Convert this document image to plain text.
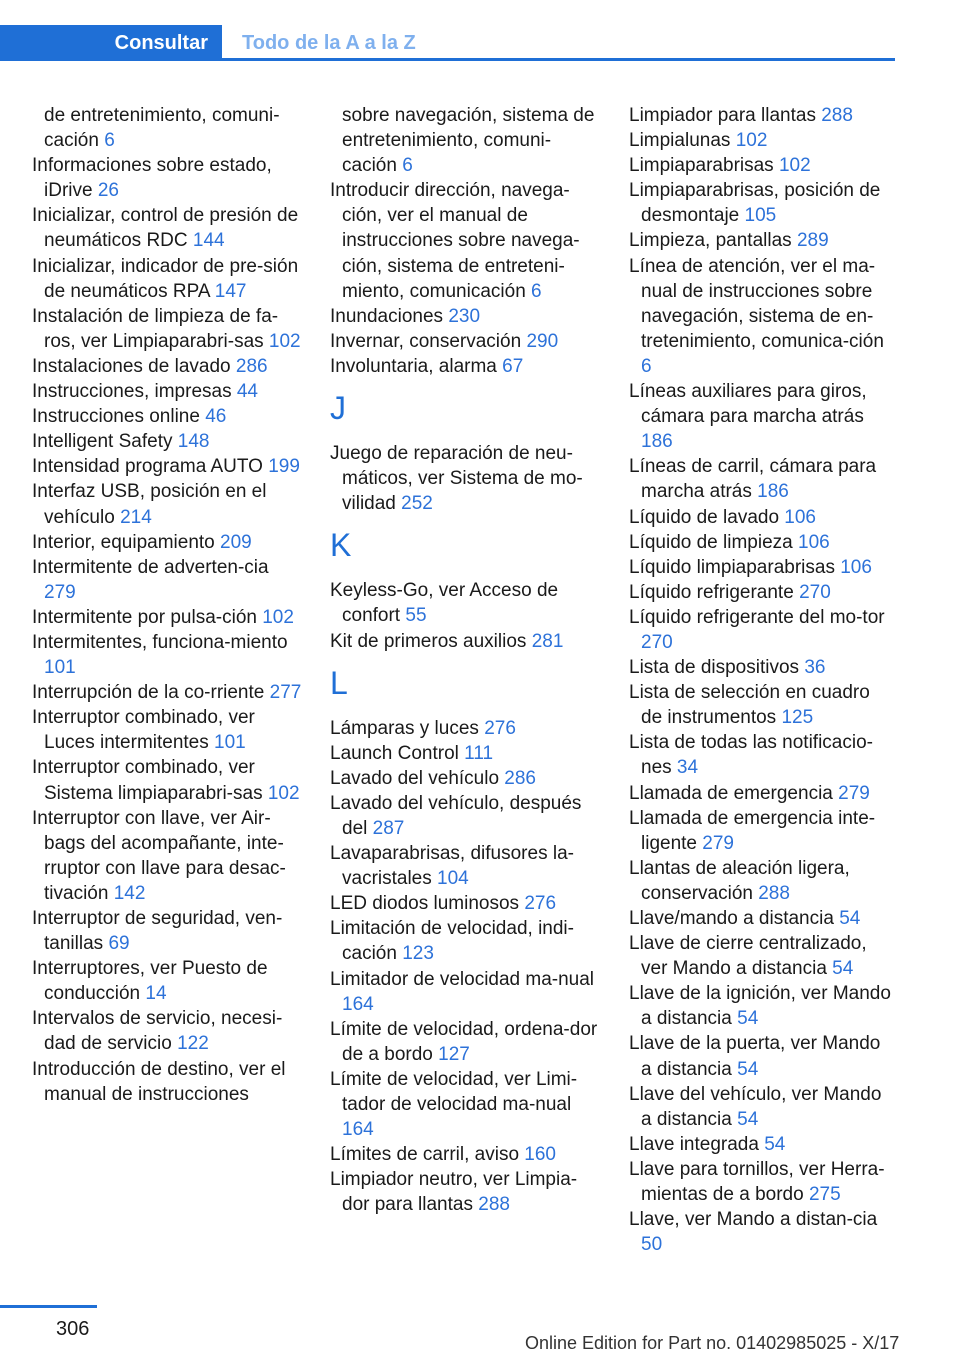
Consultar	Todo de la A a la Z
de entretenimiento, comuni-cación 6
Informaciones sobre estado, iDrive 26
Inicializar, control de presión de neumáticos RDC 144
Inicializar, indicador de pre-sión de neumáticos RPA 147
Instalación de limpieza de fa-ros, ver Limpiaparabri-sas 102
Instalaciones de lavado 286
Instrucciones, impresas 44
Instrucciones online 46
Intelligent Safety 148
Intensidad programa AUTO 199
Interfaz USB, posición en el vehículo 214
Interior, equipamiento 209
Intermitente de adverten-cia 279
Intermitente por pulsa-ción 102
Intermitentes, funciona-miento 101
Interrupción de la co-rriente 277
Interruptor combinado, ver Luces intermitentes 101
Interruptor combinado, ver Sistema limpiaparabri-sas 102
Interruptor con llave, ver Air-bags del acompañante, inte-rruptor con llave para desac-tivación 142
Interruptor de seguridad, ven-tanillas 69
Interruptores, ver Puesto de conducción 14
Intervalos de servicio, necesi-dad de servicio 122
Introducción de destino, ver el manual de instrucciones
sobre navegación, sistema de entretenimiento, comuni-cación 6
Introducir dirección, navega-ción, ver el manual de instrucciones sobre navega-ción, sistema de entreteni-miento, comunicación 6
Inundaciones 230
Invernar, conservación 290
Involuntaria, alarma 67
J
Juego de reparación de neu-máticos, ver Sistema de mo-vilidad 252
K
Keyless-Go, ver Acceso de confort 55
Kit de primeros auxilios 281
L
Lámparas y luces 276
Launch Control 111
Lavado del vehículo 286
Lavado del vehículo, después del 287
Lavaparabrisas, difusores la-vacristales 104
LED diodos luminosos 276
Limitación de velocidad, indi-cación 123
Limitador de velocidad ma-nual 164
Límite de velocidad, ordena-dor de a bordo 127
Límite de velocidad, ver Limi-tador de velocidad ma-nual 164
Límites de carril, aviso 160
Limpiador neutro, ver Limpia-dor para llantas 288
Limpiador para llantas 288
Limpialunas 102
Limpiaparabrisas 102
Limpiaparabrisas, posición de desmontaje 105
Limpieza, pantallas 289
Línea de atención, ver el ma-nual de instrucciones sobre navegación, sistema de en-tretenimiento, comunica-ción 6
Líneas auxiliares para giros, cámara para marcha atrás 186
Líneas de carril, cámara para marcha atrás 186
Líquido de lavado 106
Líquido de limpieza 106
Líquido limpiaparabrisas 106
Líquido refrigerante 270
Líquido refrigerante del mo-tor 270
Lista de dispositivos 36
Lista de selección en cuadro de instrumentos 125
Lista de todas las notificacio-nes 34
Llamada de emergencia 279
Llamada de emergencia inte-ligente 279
Llantas de aleación ligera, conservación 288
Llave/mando a distancia 54
Llave de cierre centralizado, ver Mando a distancia 54
Llave de la ignición, ver Mando a distancia 54
Llave de la puerta, ver Mando a distancia 54
Llave del vehículo, ver Mando a distancia 54
Llave integrada 54
Llave para tornillos, ver Herra-mientas de a bordo 275
Llave, ver Mando a distan-cia 50
306
Online Edition for Part no. 01402985025 - X/17
